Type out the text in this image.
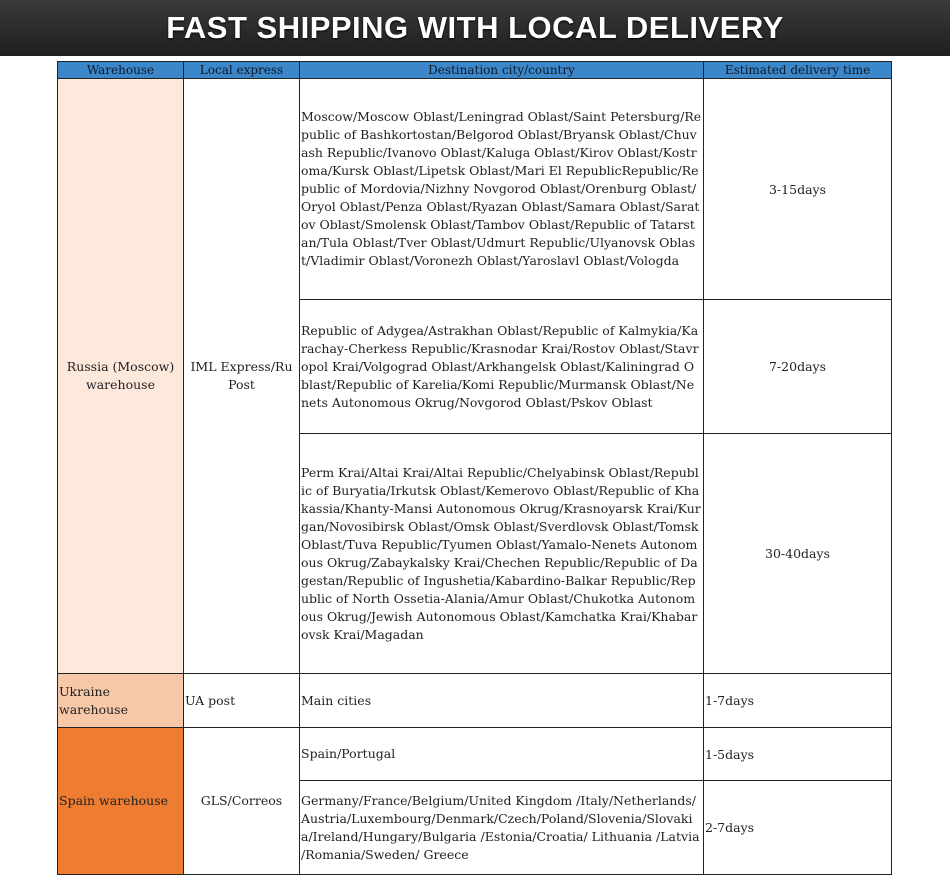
FAST SHIPPING WITH LOCAL DELIVERY
Warehouse	Local express	Destination city/country	Estimated delivery time
Russia (Moscow) warehouse	IML Express/Ru Post	Moscow/Moscow Oblast/Leningrad Oblast/Saint Petersburg/Republic of Bashkortostan/Belgorod Oblast/Bryansk Oblast/Chuvash Republic/Ivanovo Oblast/Kaluga Oblast/Kirov Oblast/Kostroma/Kursk Oblast/Lipetsk Oblast/Mari El RepublicRepublic/Republic of Mordovia/Nizhny Novgorod Oblast/Orenburg Oblast/Oryol Oblast/Penza Oblast/Ryazan Oblast/Samara Oblast/Saratov Oblast/Smolensk Oblast/Tambov Oblast/Republic of Tatarstan/Tula Oblast/Tver Oblast/Udmurt Republic/Ulyanovsk Oblast/Vladimir Oblast/Voronezh Oblast/Yaroslavl Oblast/Vologda	3-15days
		Republic of Adygea/Astrakhan Oblast/Republic of Kalmykia/Karachay-Cherkess Republic/Krasnodar Krai/Rostov Oblast/Stavropol Krai/Volgograd Oblast/Arkhangelsk Oblast/Kaliningrad Oblast/Republic of Karelia/Komi Republic/Murmansk Oblast/Nenets Autonomous Okrug/Novgorod Oblast/Pskov Oblast	7-20days
		Perm Krai/Altai Krai/Altai Republic/Chelyabinsk Oblast/Republic of Buryatia/Irkutsk Oblast/Kemerovo Oblast/Republic of Khakassia/Khanty-Mansi Autonomous Okrug/Krasnoyarsk Krai/Kurgan/Novosibirsk Oblast/Omsk Oblast/Sverdlovsk Oblast/Tomsk Oblast/Tuva Republic/Tyumen Oblast/Yamalo-Nenets Autonomous Okrug/Zabaykalsky Krai/Chechen Republic/Republic of Dagestan/Republic of Ingushetia/Kabardino-Balkar Republic/Republic of North Ossetia-Alania/Amur Oblast/Chukotka Autonomous Okrug/Jewish Autonomous Oblast/Kamchatka Krai/Khabarovsk Krai/Magadan	30-40days
Ukraine warehouse	UA post	Main cities	1-7days
Spain warehouse	GLS/Correos	Spain/Portugal	1-5days
		Germany/France/Belgium/United Kingdom /Italy/Netherlands/Austria/Luxembourg/Denmark/Czech/Poland/Slovenia/Slovakia/Ireland/Hungary/Bulgaria /Estonia/Croatia/ Lithuania /Latvia /Romania/Sweden/ Greece	2-7days
